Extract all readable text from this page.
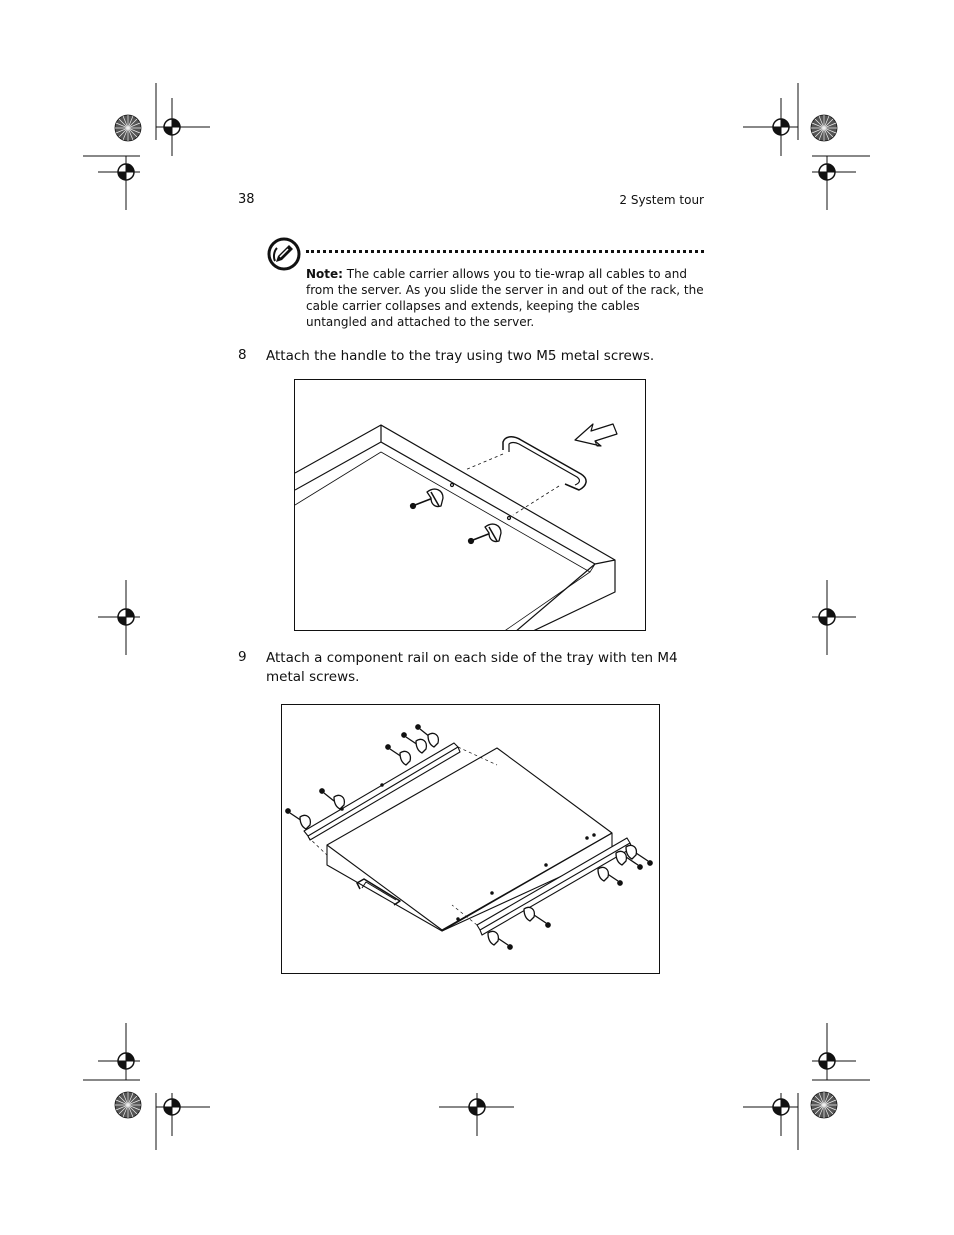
38	2 System tour
Note: The cable carrier allows you to tie-wrap all cables to and from the server. As you slide the server in and out of the rack, the cable carrier collapses and extends, keeping the cables untangled and attached to the server.
8 Attach the handle to the tray using two M5 metal screws.
9 Attach a component rail on each side of the tray with ten M4 metal screws.
